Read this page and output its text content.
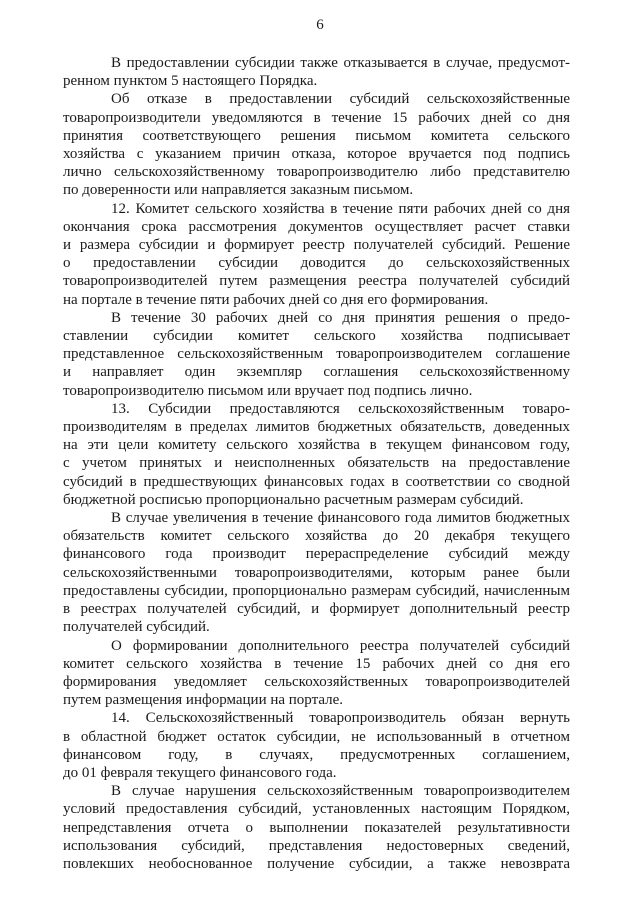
6
В предоставлении субсидии также отказывается в случае, предусмот-
ренном пунктом 5 настоящего Порядка.
Об отказе в предоставлении субсидий сельскохозяйственные
товаропроизводители уведомляются в течение 15 рабочих дней со дня
принятия соответствующего решения письмом комитета сельского
хозяйства с указанием причин отказа, которое вручается под подпись
лично сельскохозяйственному товаропроизводителю либо представителю
по доверенности или направляется заказным письмом.
12. Комитет сельского хозяйства в течение пяти рабочих дней со дня
окончания срока рассмотрения документов осуществляет расчет ставки
и размера субсидии и формирует реестр получателей субсидий. Решение
о предоставлении субсидии доводится до сельскохозяйственных
товаропроизводителей путем размещения реестра получателей субсидий
на портале в течение пяти рабочих дней со дня его формирования.
В течение 30 рабочих дней со дня принятия решения о предо-
ставлении субсидии комитет сельского хозяйства подписывает
представленное сельскохозяйственным товаропроизводителем соглашение
и направляет один экземпляр соглашения сельскохозяйственному
товаропроизводителю письмом или вручает под подпись лично.
13. Субсидии предоставляются сельскохозяйственным товаро-
производителям в пределах лимитов бюджетных обязательств, доведенных
на эти цели комитету сельского хозяйства в текущем финансовом году,
с учетом принятых и неисполненных обязательств на предоставление
субсидий в предшествующих финансовых годах в соответствии со сводной
бюджетной росписью пропорционально расчетным размерам субсидий.
В случае увеличения в течение финансового года лимитов бюджетных
обязательств комитет сельского хозяйства до 20 декабря текущего
финансового года производит перераспределение субсидий между
сельскохозяйственными товаропроизводителями, которым ранее были
предоставлены субсидии, пропорционально размерам субсидий, начисленным
в реестрах получателей субсидий, и формирует дополнительный реестр
получателей субсидий.
О формировании дополнительного реестра получателей субсидий
комитет сельского хозяйства в течение 15 рабочих дней со дня его
формирования уведомляет сельскохозяйственных товаропроизводителей
путем размещения информации на портале.
14. Сельскохозяйственный товаропроизводитель обязан вернуть
в областной бюджет остаток субсидии, не использованный в отчетном
финансовом году, в случаях, предусмотренных соглашением,
до 01 февраля текущего финансового года.
В случае нарушения сельскохозяйственным товаропроизводителем
условий предоставления субсидий, установленных настоящим Порядком,
непредставления отчета о выполнении показателей результативности
использования субсидий, представления недостоверных сведений,
повлекших необоснованное получение субсидии, а также невозврата
